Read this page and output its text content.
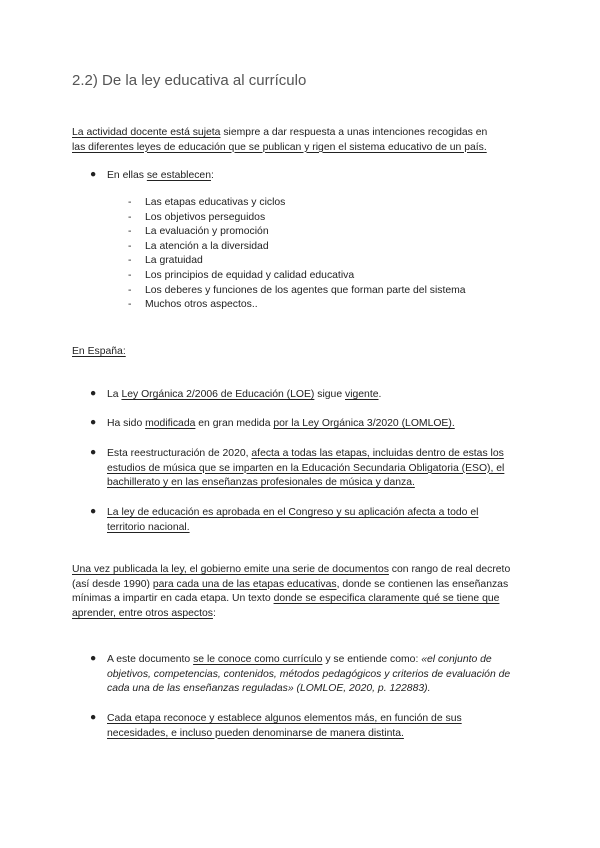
2.2) De la ley educativa al currículo

La actividad docente está sujeta siempre a dar respuesta a unas intenciones recogidas en
las diferentes leyes de educación que se publican y rigen el sistema educativo de un país.

● En ellas se establecen:

- Las etapas educativas y ciclos
- Los objetivos perseguidos
- La evaluación y promoción
- La atención a la diversidad
- La gratuidad
- Los principios de equidad y calidad educativa
- Los deberes y funciones de los agentes que forman parte del sistema
- Muchos otros aspectos..

En España:

● La Ley Orgánica 2/2006 de Educación (LOE) sigue vigente.

● Ha sido modificada en gran medida por la Ley Orgánica 3/2020 (LOMLOE).

● Esta reestructuración de 2020, afecta a todas las etapas, incluidas dentro de estas los estudios de música que se imparten en la Educación Secundaria Obligatoria (ESO), el bachillerato y en las enseñanzas profesionales de música y danza.

● La ley de educación es aprobada en el Congreso y su aplicación afecta a todo el territorio nacional.

Una vez publicada la ley, el gobierno emite una serie de documentos con rango de real decreto (así desde 1990) para cada una de las etapas educativas, donde se contienen las enseñanzas mínimas a impartir en cada etapa. Un texto donde se especifica claramente qué se tiene que aprender, entre otros aspectos:

● A este documento se le conoce como currículo y se entiende como: «el conjunto de objetivos, competencias, contenidos, métodos pedagógicos y criterios de evaluación de cada una de las enseñanzas reguladas» (LOMLOE, 2020, p. 122883).

● Cada etapa reconoce y establece algunos elementos más, en función de sus necesidades, e incluso pueden denominarse de manera distinta.
